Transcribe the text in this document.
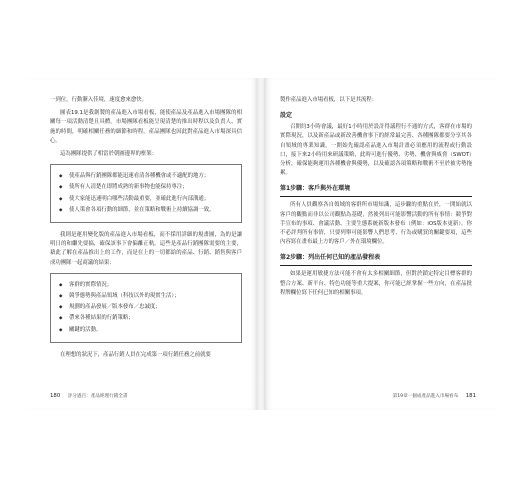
一到位，行動漸入佳境，速度愈來愈快。

圖表19.1是我創製的產品進入市場看板，能使產品及產品進入市場團隊的相關每一項活動清楚且具體。市場團隊看板能呈現清楚的推出時程以及負責人、實施的時間，明確相關任務的細節和時程。產品團隊也因此對產品進入市場深具信心。

這為團隊提供了相當於朝圖邊界的框架：

◆ 使產品與行銷團隊都能迅速看清各種機會或不適配的地方；
◆ 使所有人清楚在即將成熟的新事物也能保持專注；
◆ 使大家能迅速明白哪些活動最重要，並確此進行內部溝通；
◆ 使人策會各項行動的細節，並在策略和戰術上持續協調一致。

我則是運用變化版的產品進入市場看板，而不採用詳細的規畫圖，為的是讓明日的和繼先要搞，確保該事下會偏離正軌。這些是產品行銷團隊需要的主要，藉此了解在產品推出上的工作，而是在上的一切都給的產品、行銷、銷售與客戶成功團隊一起商議的結果：

◆ 客群的實際情況；
◆ 競爭態勢與產品領域（科技以外的現實生活）；
◆ 規劃的產品發展／版本發布／忠誠度；
◆ 帶來各種結果的行銷策略；
◆ 關鍵的活動。

在理想的狀況下，產品行銷人員在完成第一項行銷任務之前就要

180 評分過百：產品經理行銷全書

製作產品進入市場看板，以下是其流程：

設定

召開約3小時會議，最好1小時用於設計得議程行不通的方式，客群在市場的實際現況，以及新產品或新改善機會事下的經常最完善、各種團隊都要分享其各自領域的專業知識。一開始先確認產品進入市場計畫必須應用的流程或行動設口，接下來2小時用來研議策略，此時可進行優勢、劣勢、機會與威脅（SWOT）分析，確保能夠運用各種機會與優勢，以及確認各項策略和戰術不至於被劣勢拖累。

第1步驟：客戶與外在環境

所有人員觀察各自領域的客群所市場知識，這步驟的重點在於，一開始就以客戶的觀點而非以公司觀點為基礎，然後列出可能影響活動的所有事情：競爭對手宣布的事項、會議活動、主要生態系統新版本發布（例如：iOS版本更新）。你不必評判所有事情，只要列舉可能影響人們思考、行為或購買的關鍵要項，這些內容寫在畫布最上方的客戶／外在環境欄位。

第2步驟：列出任何已知的產品發程表

如果是運用敏捷方法可能不會有太多相關細節，但對於鎖定特定目標客群的整合方案、新平台、特色功能等重大提案，你可能已經掌握一些方向，在產品批程牌欄位寫下任何已知的相關事項。

第19章一個成產品進入市場看布 181
